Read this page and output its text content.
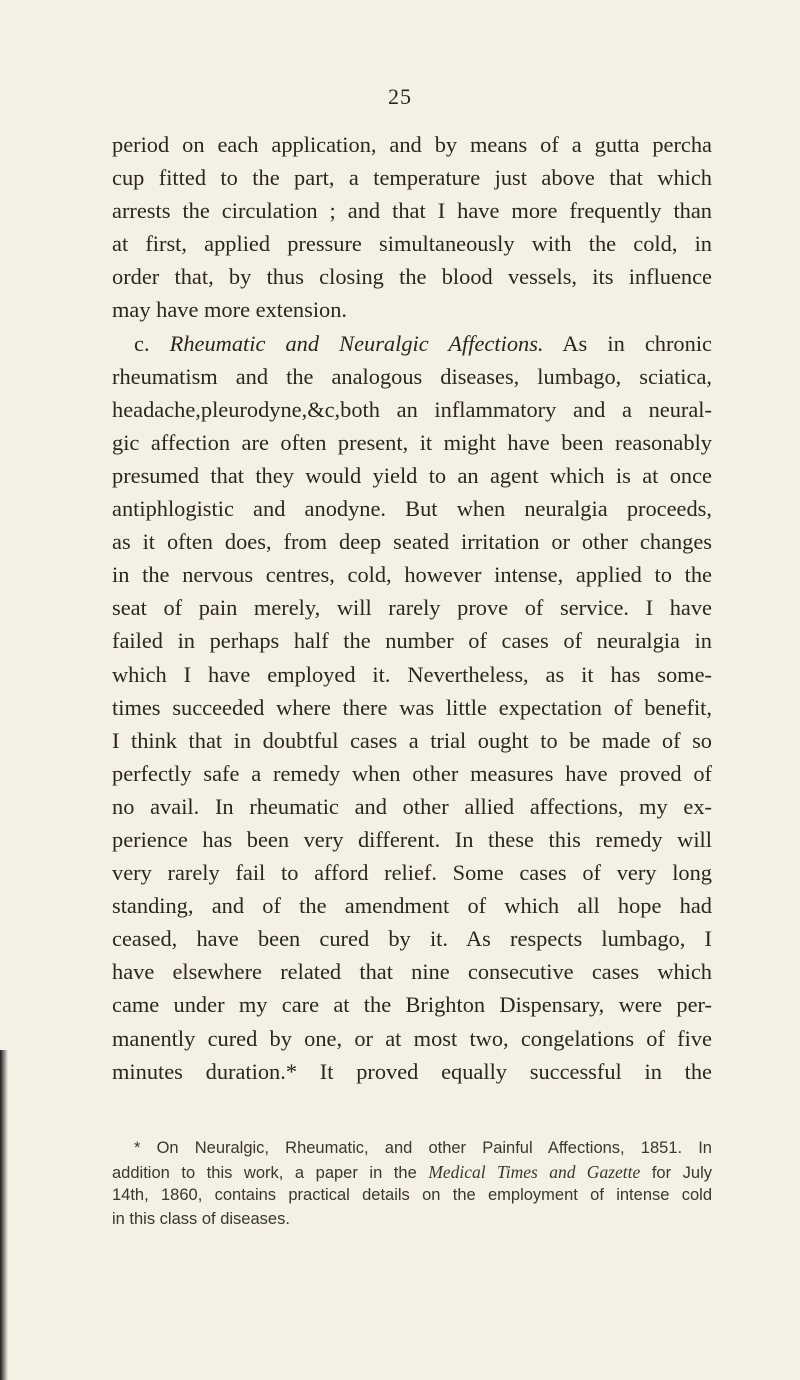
25
period on each application, and by means of a gutta percha
cup fitted to the part, a temperature just above that which
arrests the circulation ; and that I have more frequently than
at first, applied pressure simultaneously with the cold, in
order that, by thus closing the blood vessels, its influence
may have more extension.
c. Rheumatic and Neuralgic Affections. As in chronic
rheumatism and the analogous diseases, lumbago, sciatica,
headache,pleurodyne,&c,both an inflammatory and a neural-
gic affection are often present, it might have been reasonably
presumed that they would yield to an agent which is at once
antiphlogistic and anodyne. But when neuralgia proceeds,
as it often does, from deep seated irritation or other changes
in the nervous centres, cold, however intense, applied to the
seat of pain merely, will rarely prove of service. I have
failed in perhaps half the number of cases of neuralgia in
which I have employed it. Nevertheless, as it has some-
times succeeded where there was little expectation of benefit,
I think that in doubtful cases a trial ought to be made of so
perfectly safe a remedy when other measures have proved of
no avail. In rheumatic and other allied affections, my ex-
perience has been very different. In these this remedy will
very rarely fail to afford relief. Some cases of very long
standing, and of the amendment of which all hope had
ceased, have been cured by it. As respects lumbago, I
have elsewhere related that nine consecutive cases which
came under my care at the Brighton Dispensary, were per-
manently cured by one, or at most two, congelations of five
minutes duration.* It proved equally successful in the
* On Neuralgic, Rheumatic, and other Painful Affections, 1851. In
addition to this work, a paper in the Medical Times and Gazette for July
14th, 1860, contains practical details on the employment of intense cold
in this class of diseases.
